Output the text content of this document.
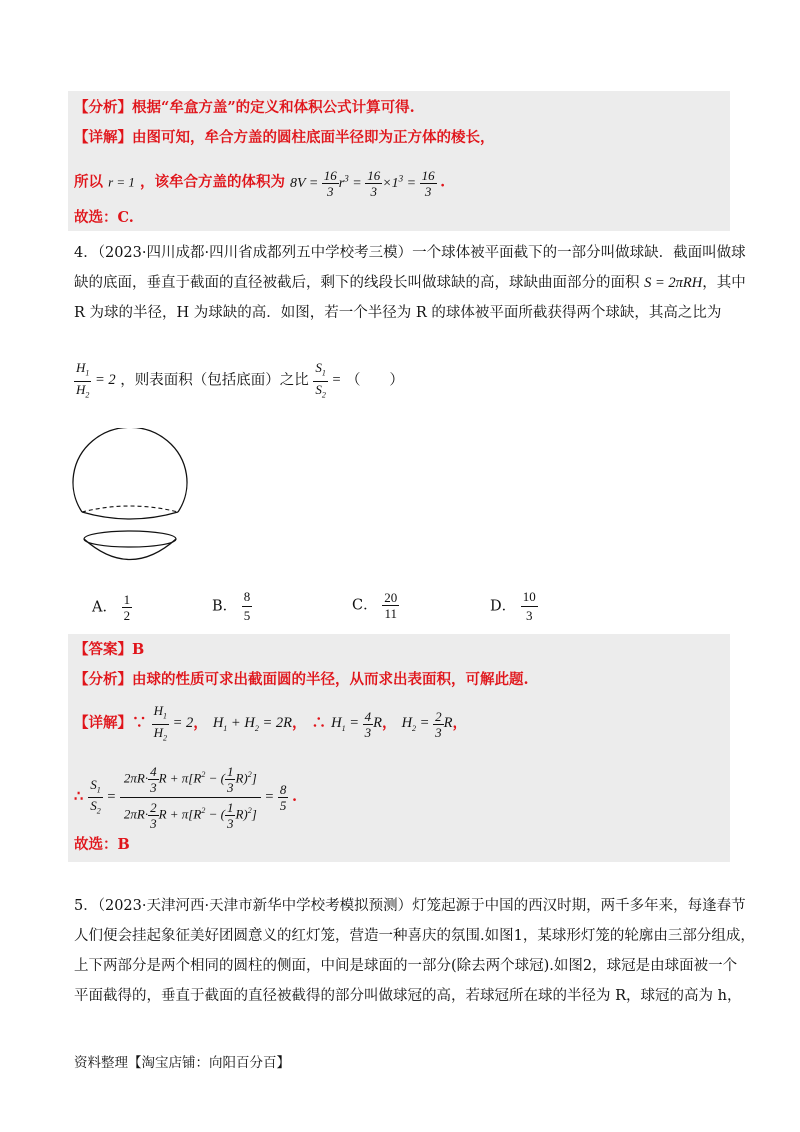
【分析】根据“牟盒方盖”的定义和体积公式计算可得.
【详解】由图可知，牟合方盖的圆柱底面半径即为正方体的棱长，
所以 r = 1 ，该牟合方盖的体积为 $8V = \frac{16}{3} r^3 = \frac{16}{3} \times 1^3 = \frac{16}{3}$ .
故选：C.
4．（2023·四川成都·四川省成都列五中学校考三模）一个球体被平面截下的一部分叫做球缺．截面叫做球
缺的底面，垂直于截面的直径被截后，剩下的线段长叫做球缺的高，球缺曲面部分的面积 S = 2πRH，其中
R 为球的半径，H 为球缺的高．如图，若一个半径为 R 的球体被平面所截获得两个球缺，其高之比为
$\frac{H_1}{H_2} = 2$ ，则表面积（包括底面）之比 $\frac{S_1}{S_2}$ = （　　）
A． $\frac{1}{2}$	B． $\frac{8}{5}$	C． $\frac{20}{11}$	D． $\frac{10}{3}$
【答案】B
【分析】由球的性质可求出截面圆的半径，从而求出表面积，可解此题.
【详解】∵ $\frac{H_1}{H_2} = 2$， $H_1 + H_2 = 2R$， ∴ $H_1 = \frac{4}{3}$ R， $H_2 = \frac{2}{3}$ R，
∴ $\frac{S_1}{S_2} = \frac{2\pi R\cdot \frac{4}{3} R + \pi[R^2 - ( \frac{1}{3} R)^2]}{2\pi R\cdot \frac{2}{3} R + \pi[R^2 - ( \frac{1}{3} R)^2]} = \frac{8}{5}$ .
故选：B
5．（2023·天津河西·天津市新华中学校考模拟预测）灯笼起源于中国的西汉时期，两千多年来，每逢春节
人们便会挂起象征美好团圆意义的红灯笼，营造一种喜庆的氛围.如图1，某球形灯笼的轮廓由三部分组成，
上下两部分是两个相同的圆柱的侧面，中间是球面的一部分(除去两个球冠).如图2，球冠是由球面被一个
平面截得的，垂直于截面的直径被截得的部分叫做球冠的高，若球冠所在球的半径为 R，球冠的高为 h，
资料整理【淘宝店铺：向阳百分百】
